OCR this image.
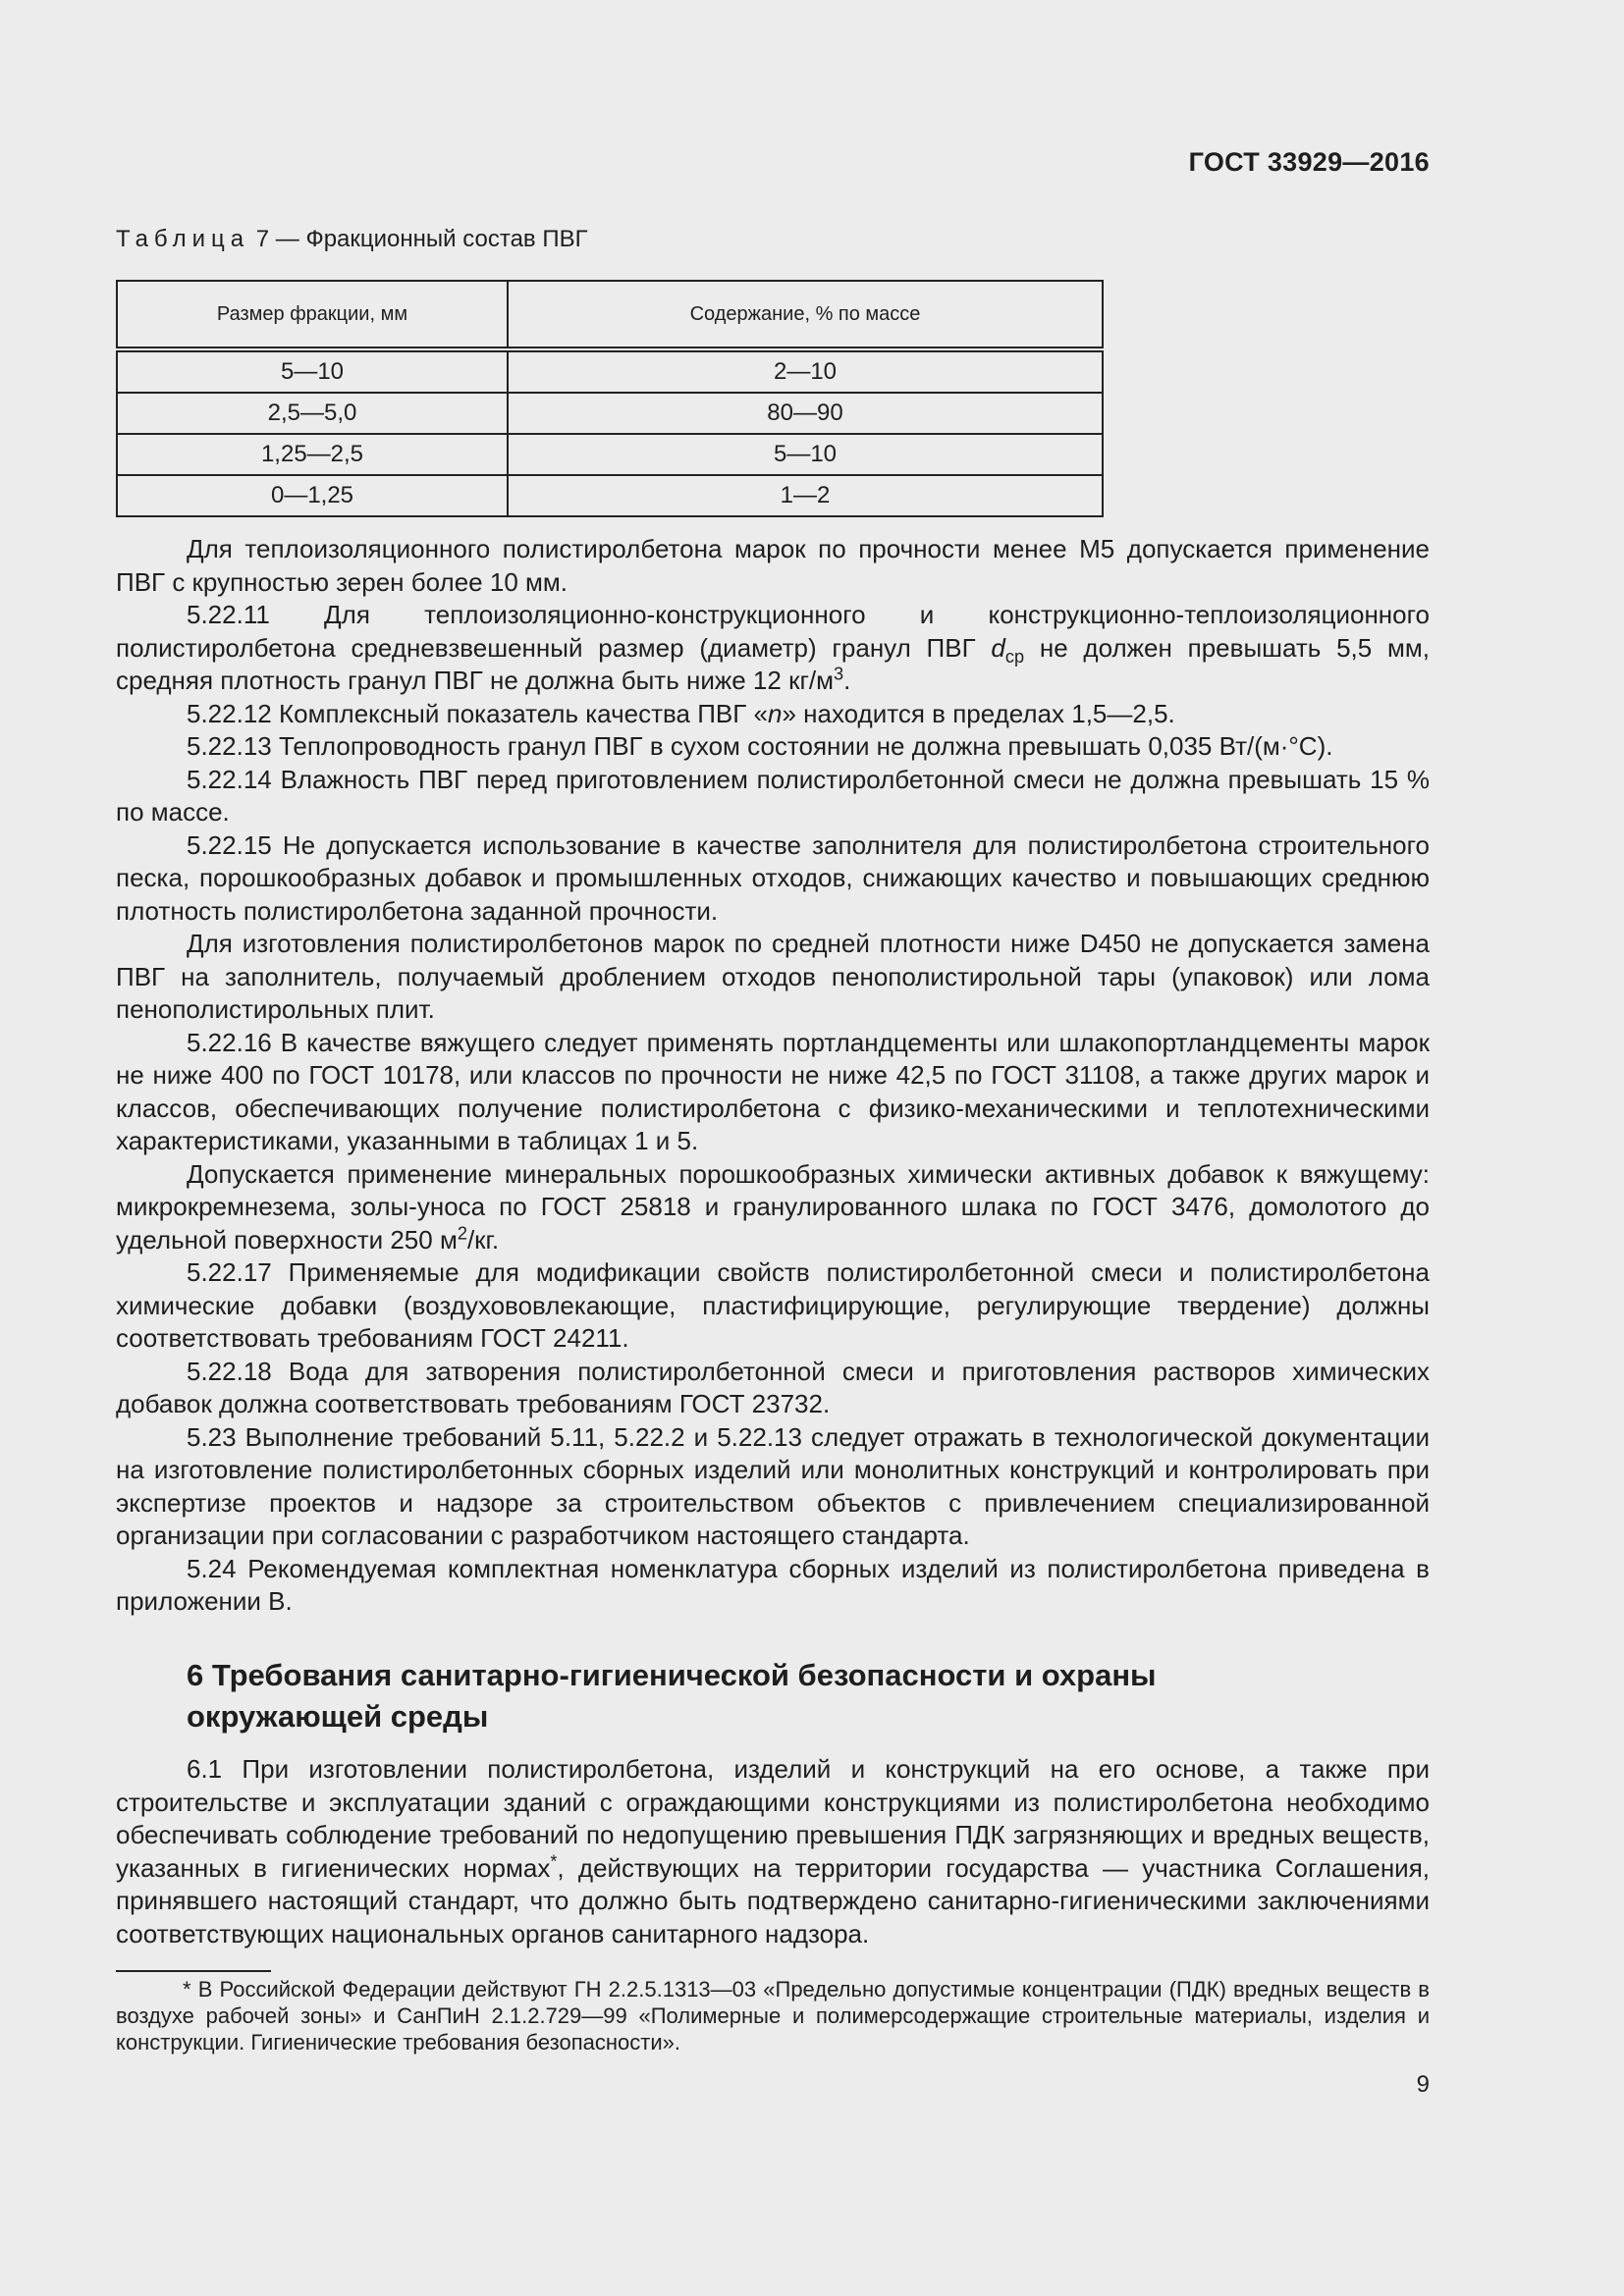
ГОСТ 33929—2016
Таблица 7 — Фракционный состав ПВГ
Размер фракции, мм	Содержание, % по массе
5—10	2—10
2,5—5,0	80—90
1,25—2,5	5—10
0—1,25	1—2

Для теплоизоляционного полистиролбетона марок по прочности менее М5 допускается применение ПВГ с крупностью зерен более 10 мм.

5.22.11 Для теплоизоляционно-конструкционного и конструкционно-теплоизоляционного полистиролбетона средневзвешенный размер (диаметр) гранул ПВГ $d_{ср}$ не должен превышать 5,5 мм, средняя плотность гранул ПВГ не должна быть ниже 12 $кг/м^3$.

5.22.12 Комплексный показатель качества ПВГ «n» находится в пределах 1,5—2,5.

5.22.13 Теплопроводность гранул ПВГ в сухом состоянии не должна превышать 0,035 Вт/(м·°С).

5.22.14 Влажность ПВГ перед приготовлением полистиролбетонной смеси не должна превышать 15 % по массе.

5.22.15 Не допускается использование в качестве заполнителя для полистиролбетона строительного песка, порошкообразных добавок и промышленных отходов, снижающих качество и повышающих среднюю плотность полистиролбетона заданной прочности.

Для изготовления полистиролбетонов марок по средней плотности ниже D450 не допускается замена ПВГ на заполнитель, получаемый дроблением отходов пенополистирольной тары (упаковок) или лома пенополистирольных плит.

5.22.16 В качестве вяжущего следует применять портландцементы или шлакопортландцементы марок не ниже 400 по ГОСТ 10178, или классов по прочности не ниже 42,5 по ГОСТ 31108, а также других марок и классов, обеспечивающих получение полистиролбетона с физико-механическими и теплотехническими характеристиками, указанными в таблицах 1 и 5.

Допускается применение минеральных порошкообразных химически активных добавок к вяжущему: микрокремнезема, золы-уноса по ГОСТ 25818 и гранулированного шлака по ГОСТ 3476, домолотого до удельной поверхности 250 $м^2/кг$.

5.22.17 Применяемые для модификации свойств полистиролбетонной смеси и полистиролбетона химические добавки (воздухововлекающие, пластифицирующие, регулирующие твердение) должны соответствовать требованиям ГОСТ 24211.

5.22.18 Вода для затворения полистиролбетонной смеси и приготовления растворов химических добавок должна соответствовать требованиям ГОСТ 23732.

5.23 Выполнение требований 5.11, 5.22.2 и 5.22.13 следует отражать в технологической документации на изготовление полистиролбетонных сборных изделий или монолитных конструкций и контролировать при экспертизе проектов и надзоре за строительством объектов с привлечением специализированной организации при согласовании с разработчиком настоящего стандарта.

5.24 Рекомендуемая комплектная номенклатура сборных изделий из полистиролбетона приведена в приложении В.

6 Требования санитарно-гигиенической безопасности и охраны
окружающей среды

6.1 При изготовлении полистиролбетона, изделий и конструкций на его основе, а также при строительстве и эксплуатации зданий с ограждающими конструкциями из полистиролбетона необходимо обеспечивать соблюдение требований по недопущению превышения ПДК загрязняющих и вредных веществ, указанных в гигиенических нормах*, действующих на территории государства — участника Соглашения, принявшего настоящий стандарт, что должно быть подтверждено санитарно-гигиеническими заключениями соответствующих национальных органов санитарного надзора.

* В Российской Федерации действуют ГН 2.2.5.1313—03 «Предельно допустимые концентрации (ПДК) вредных веществ в воздухе рабочей зоны» и СанПиН 2.1.2.729—99 «Полимерные и полимерсодержащие строительные материалы, изделия и конструкции. Гигиенические требования безопасности».

9
